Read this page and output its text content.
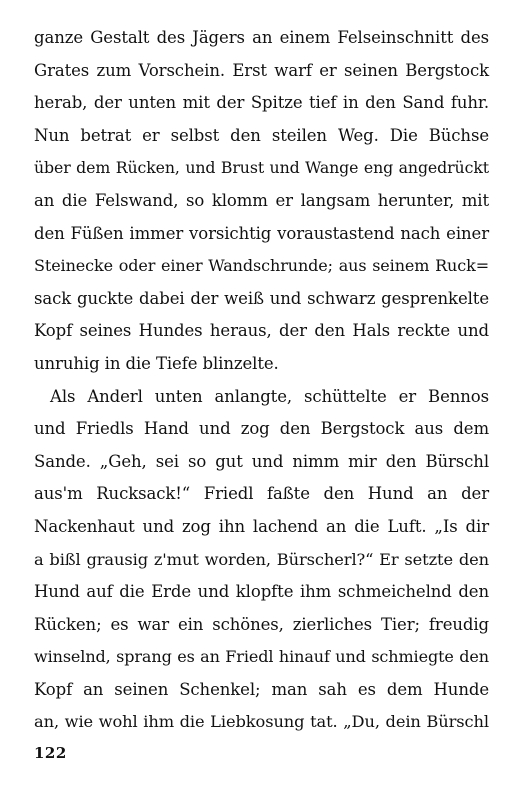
ganze Gestalt des Jägers an einem Felseinschnitt des
Grates zum Vorschein. Erst warf er seinen Bergstock
herab, der unten mit der Spitze tief in den Sand fuhr.
Nun betrat er selbst den steilen Weg. Die Büchse
über dem Rücken, und Brust und Wange eng angedrückt
an die Felswand, so klomm er langsam herunter, mit
den Füßen immer vorsichtig voraustastend nach einer
Steinecke oder einer Wandschrunde; aus seinem Ruck=
sack guckte dabei der weiß und schwarz gesprenkelte
Kopf seines Hundes heraus, der den Hals reckte und
unruhig in die Tiefe blinzelte.
Als Anderl unten anlangte, schüttelte er Bennos
und Friedls Hand und zog den Bergstock aus dem
Sande. „Geh, sei so gut und nimm mir den Bürschl
aus'm Rucksack!“ Friedl faßte den Hund an der
Nackenhaut und zog ihn lachend an die Luft. „Is dir
a bißl grausig z'mut worden, Bürscherl?“ Er setzte den
Hund auf die Erde und klopfte ihm schmeichelnd den
Rücken; es war ein schönes, zierliches Tier; freudig
winselnd, sprang es an Friedl hinauf und schmiegte den
Kopf an seinen Schenkel; man sah es dem Hunde
an, wie wohl ihm die Liebkosung tat. „Du, dein Bürschl
122
